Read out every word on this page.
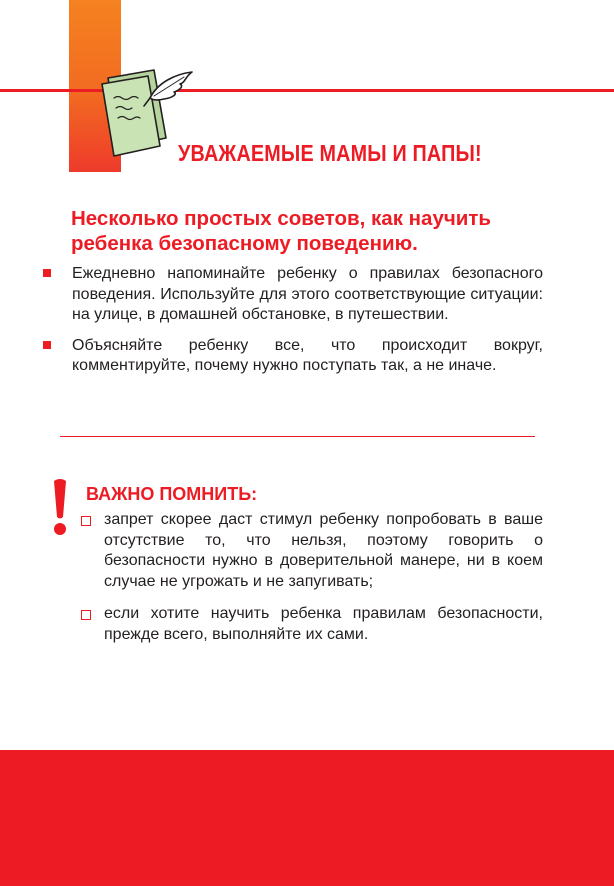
УВАЖАЕМЫЕ МАМЫ И ПАПЫ!
Несколько простых советов, как научить
ребенка безопасному поведению.
Ежедневно напоминайте ребенку о правилах безопасного поведения. Используйте для этого соответствующие ситуации: на улице, в домашней обстановке, в путешествии.
Объясняйте ребенку все, что происходит вокруг, комментируйте, почему нужно поступать так, а не иначе.
ВАЖНО ПОМНИТЬ:
запрет скорее даст стимул ребенку попробовать в ваше отсутствие то, что нельзя, поэтому говорить о безопасности нужно в доверительной манере, ни в коем случае не угрожать и не запугивать;
если хотите научить ребенка правилам безопасности, прежде всего, выполняйте их сами.
